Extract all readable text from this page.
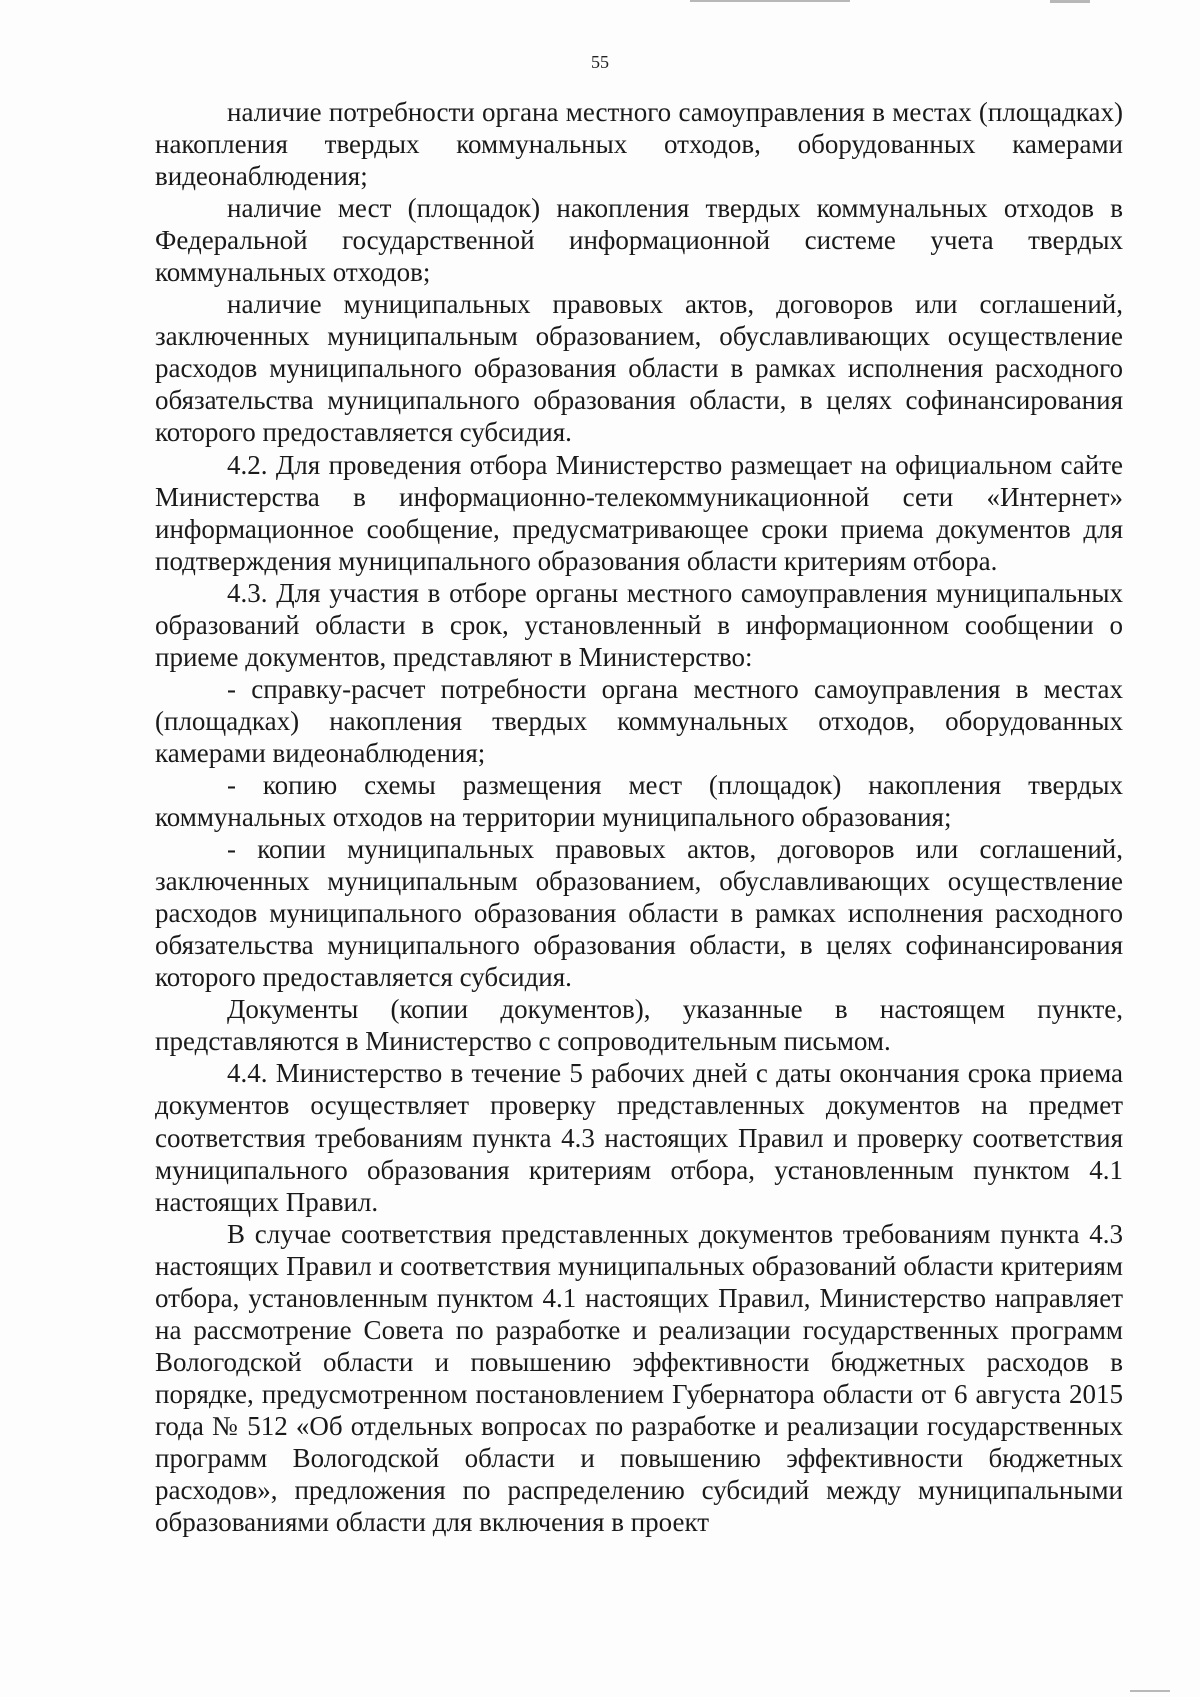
55

наличие потребности органа местного самоуправления в местах (площадках) накопления твердых коммунальных отходов, оборудованных камерами видеонаблюдения;

наличие мест (площадок) накопления твердых коммунальных отходов в Федеральной государственной информационной системе учета твердых коммунальных отходов;

наличие муниципальных правовых актов, договоров или соглашений, заключенных муниципальным образованием, обуславливающих осуществление расходов муниципального образования области в рамках исполнения расходного обязательства муниципального образования области, в целях софинансирования которого предоставляется субсидия.

4.2. Для проведения отбора Министерство размещает на официальном сайте Министерства в информационно-телекоммуникационной сети «Интернет» информационное сообщение, предусматривающее сроки приема документов для подтверждения муниципального образования области критериям отбора.

4.3. Для участия в отборе органы местного самоуправления муниципальных образований области в срок, установленный в информационном сообщении о приеме документов, представляют в Министерство:

- справку-расчет потребности органа местного самоуправления в местах (площадках) накопления твердых коммунальных отходов, оборудованных камерами видеонаблюдения;

- копию схемы размещения мест (площадок) накопления твердых коммунальных отходов на территории муниципального образования;

- копии муниципальных правовых актов, договоров или соглашений, заключенных муниципальным образованием, обуславливающих осуществление расходов муниципального образования области в рамках исполнения расходного обязательства муниципального образования области, в целях софинансирования которого предоставляется субсидия.

Документы (копии документов), указанные в настоящем пункте, представляются в Министерство с сопроводительным письмом.

4.4. Министерство в течение 5 рабочих дней с даты окончания срока приема документов осуществляет проверку представленных документов на предмет соответствия требованиям пункта 4.3 настоящих Правил и проверку соответствия муниципального образования критериям отбора, установленным пунктом 4.1 настоящих Правил.

В случае соответствия представленных документов требованиям пункта 4.3 настоящих Правил и соответствия муниципальных образований области критериям отбора, установленным пунктом 4.1 настоящих Правил, Министерство направляет на рассмотрение Совета по разработке и реализации государственных программ Вологодской области и повышению эффективности бюджетных расходов в порядке, предусмотренном постановлением Губернатора области от 6 августа 2015 года № 512 «Об отдельных вопросах по разработке и реализации государственных программ Вологодской области и повышению эффективности бюджетных расходов», предложения по распределению субсидий между муниципальными образованиями области для включения в проект
